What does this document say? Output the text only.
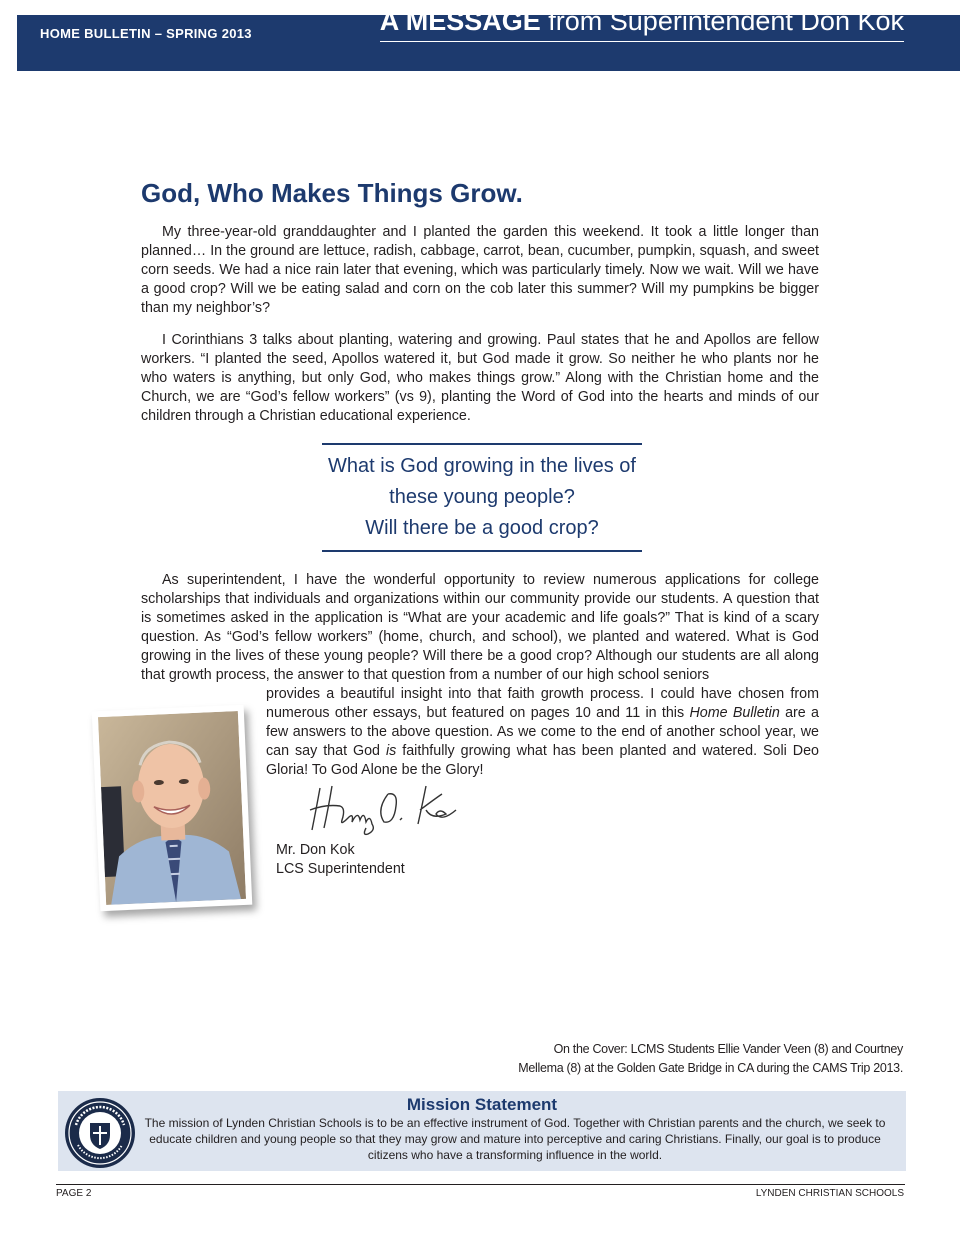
HOME BULLETIN – SPRING 2013	A MESSAGE from Superintendent Don Kok
God, Who Makes Things Grow.

My three-year-old granddaughter and I planted the garden this weekend. It took a little longer than planned… In the ground are lettuce, radish, cabbage, carrot, bean, cucumber, pumpkin, squash, and sweet corn seeds. We had a nice rain later that evening, which was particularly timely. Now we wait. Will we have a good crop? Will we be eating salad and corn on the cob later this summer? Will my pumpkins be bigger than my neighbor’s?

I Corinthians 3 talks about planting, watering and growing. Paul states that he and Apollos are fellow workers. “I planted the seed, Apollos watered it, but God made it grow. So neither he who plants nor he who waters is anything, but only God, who makes things grow.” Along with the Christian home and the Church, we are “God’s fellow workers” (vs 9), planting the Word of God into the hearts and minds of our children through a Christian educational experience.

What is God growing in the lives of
these young people?
Will there be a good crop?

As superintendent, I have the wonderful opportunity to review numerous applications for college scholarships that individuals and organizations within our community provide our students. A question that is sometimes asked in the application is “What are your academic and life goals?” That is kind of a scary question. As “God’s fellow workers” (home, church, and school), we planted and watered. What is God growing in the lives of these young people? Will there be a good crop? Although our students are all along that growth process, the answer to that question from a number of our high school seniors

provides a beautiful insight into that faith growth process. I could have chosen from numerous other essays, but featured on pages 10 and 11 in this Home Bulletin are a few answers to the above question. As we come to the end of another school year, we can say that God is faithfully growing what has been planted and watered. Soli Deo Gloria! To God Alone be the Glory!

Mr. Don Kok
LCS Superintendent
On the Cover: LCMS Students Ellie Vander Veen (8) and Courtney
Mellema (8) at the Golden Gate Bridge in CA during the CAMS Trip 2013.
Mission Statement
The mission of Lynden Christian Schools is to be an effective instrument of God. Together with Christian parents and the church, we seek to educate children and young people so that they may grow and mature into perceptive and caring Christians. Finally, our goal is to produce citizens who have a transforming influence in the world.
PAGE 2	LYNDEN CHRISTIAN SCHOOLS
